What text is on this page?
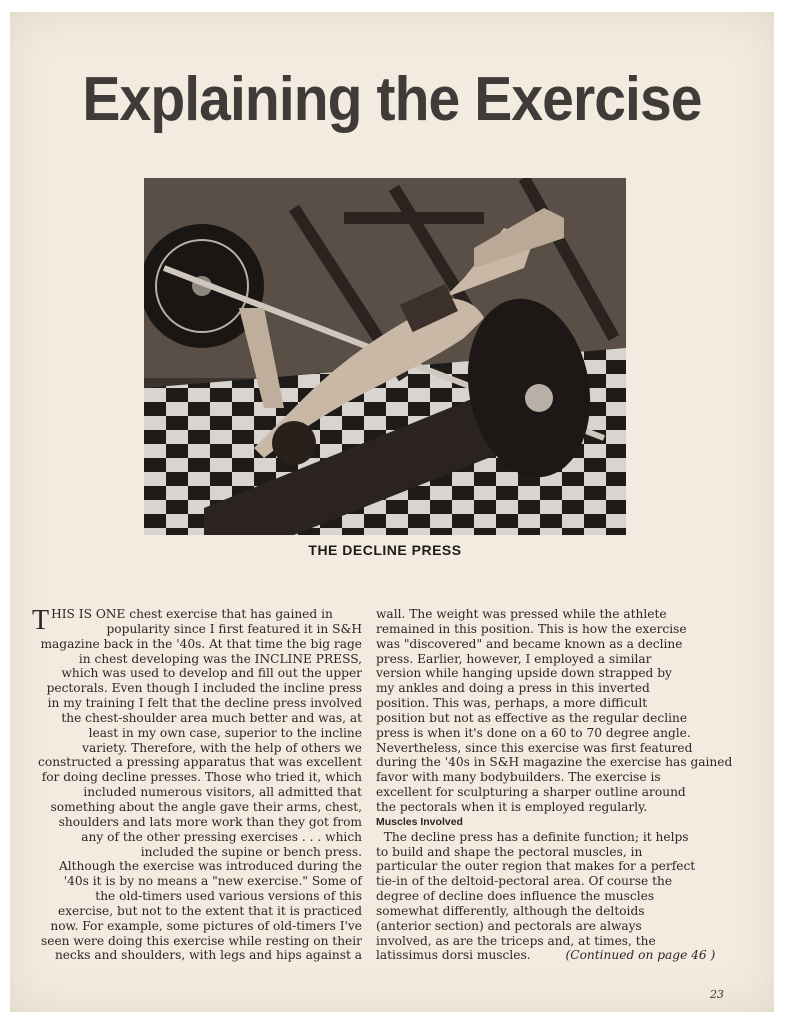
Explaining the Exercise
THE DECLINE PRESS
T HIS IS ONE chest exercise that has gained in
popularity since I first featured it in S&H
magazine back in the '40s. At that time the big rage
in chest developing was the INCLINE PRESS,
which was used to develop and fill out the upper
pectorals. Even though I included the incline press
in my training I felt that the decline press involved
the chest-shoulder area much better and was, at
least in my own case, superior to the incline
variety. Therefore, with the help of others we
constructed a pressing apparatus that was excellent
for doing decline presses. Those who tried it, which
included numerous visitors, all admitted that
something about the angle gave their arms, chest,
shoulders and lats more work than they got from
any of the other pressing exercises . . . which
included the supine or bench press.
Although the exercise was introduced during the
'40s it is by no means a "new exercise." Some of
the old-timers used various versions of this
exercise, but not to the extent that it is practiced
now. For example, some pictures of old-timers I've
seen were doing this exercise while resting on their
necks and shoulders, with legs and hips against a
wall. The weight was pressed while the athlete
remained in this position. This is how the exercise
was "discovered" and became known as a decline
press. Earlier, however, I employed a similar
version while hanging upside down strapped by
my ankles and doing a press in this inverted
position. This was, perhaps, a more difficult
position but not as effective as the regular decline
press is when it's done on a 60 to 70 degree angle.
Nevertheless, since this exercise was first featured
during the '40s in S&H magazine the exercise has gained
favor with many bodybuilders. The exercise is
excellent for sculpturing a sharper outline around
the pectorals when it is employed regularly.
Muscles Involved
The decline press has a definite function; it helps
to build and shape the pectoral muscles, in
particular the outer region that makes for a perfect
tie-in of the deltoid-pectoral area. Of course the
degree of decline does influence the muscles
somewhat differently, although the deltoids
(anterior section) and pectorals are always
involved, as are the triceps and, at times, the
latissimus dorsi muscles.         (Continued on page 46 )
23
